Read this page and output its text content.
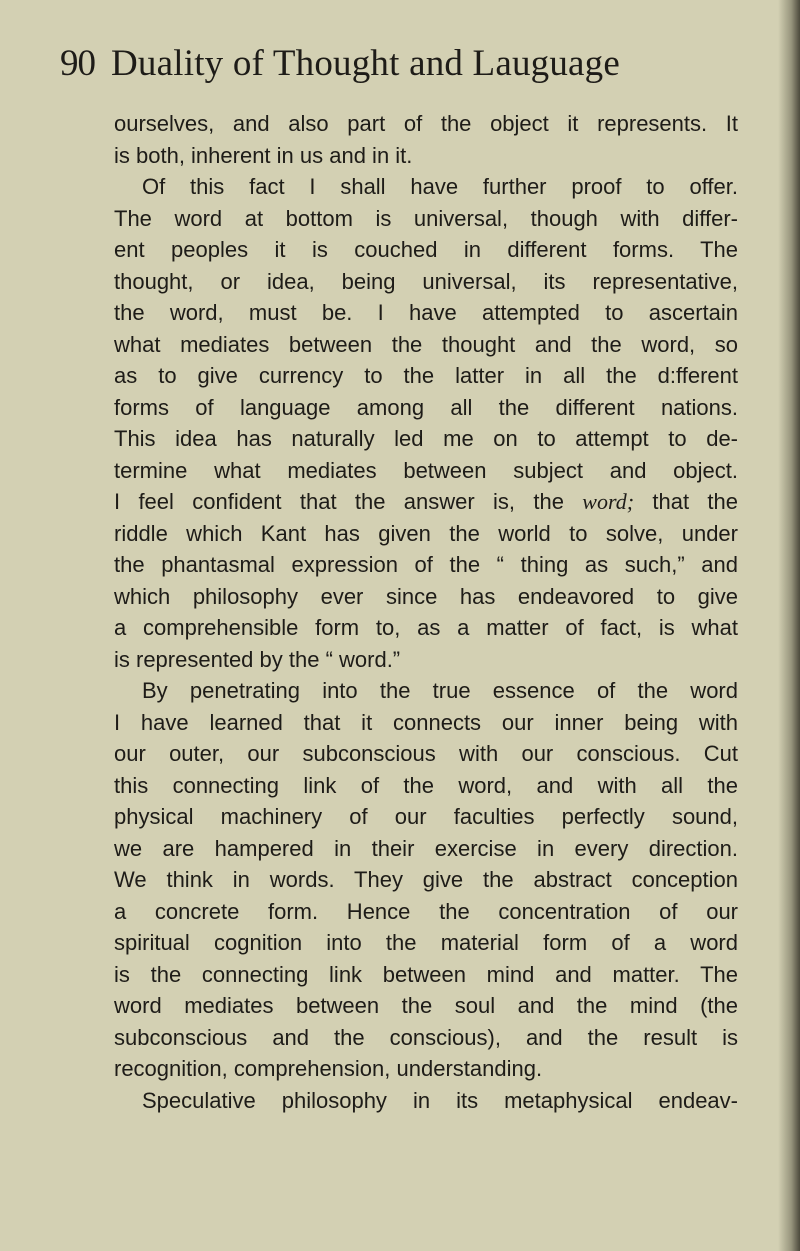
90 Duality of Thought and Lauguage
ourselves, and also part of the object it represents. It
is both, inherent in us and in it.
Of this fact I shall have further proof to offer.
The word at bottom is universal, though with differ-
ent peoples it is couched in different forms. The
thought, or idea, being universal, its representative,
the word, must be. I have attempted to ascertain
what mediates between the thought and the word, so
as to give currency to the latter in all the d:fferent
forms of language among all the different nations.
This idea has naturally led me on to attempt to de-
termine what mediates between subject and object.
I feel confident that the answer is, the word; that the
riddle which Kant has given the world to solve, under
the phantasmal expression of the “ thing as such,” and
which philosophy ever since has endeavored to give
a comprehensible form to, as a matter of fact, is what
is represented by the “ word.”
By penetrating into the true essence of the word
I have learned that it connects our inner being with
our outer, our subconscious with our conscious. Cut
this connecting link of the word, and with all the
physical machinery of our faculties perfectly sound,
we are hampered in their exercise in every direction.
We think in words. They give the abstract conception
a concrete form. Hence the concentration of our
spiritual cognition into the material form of a word
is the connecting link between mind and matter. The
word mediates between the soul and the mind (the
subconscious and the conscious), and the result is
recognition, comprehension, understanding.
Speculative philosophy in its metaphysical endeav-
